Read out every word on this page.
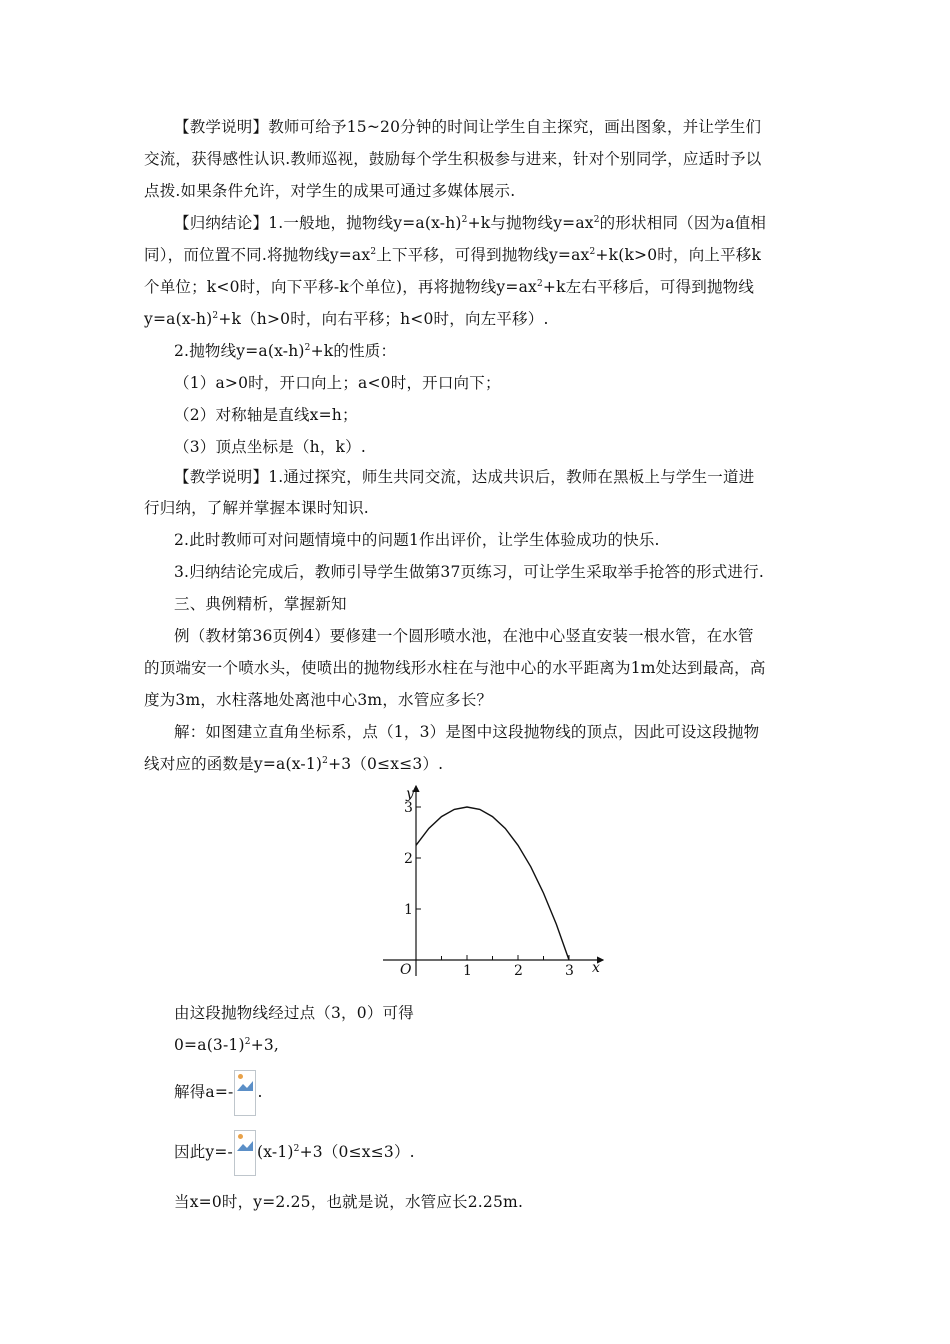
【教学说明】教师可给予15~20分钟的时间让学生自主探究，画出图象，并让学生们
交流，获得感性认识.教师巡视，鼓励每个学生积极参与进来，针对个别同学，应适时予以
点拨.如果条件允许，对学生的成果可通过多媒体展示.
【归纳结论】1.一般地，抛物线$y=a(x-h)^2+k$与抛物线$y=ax^2$的形状相同（因为a值相
同），而位置不同.将抛物线$y=ax^2$上下平移，可得到抛物线$y=ax^2+k(k>0$时，向上平移k
个单位；k<0时，向下平移-k个单位)，再将抛物线$y=ax^2+k$左右平移后，可得到抛物线
$y=a(x-h)^2+k(h>0$时，向右平移；h<0时，向左平移）.
2.抛物线$y=a(x-h)^2+k$的性质：
（1）a>0时，开口向上；a<0时，开口向下；
（2）对称轴是直线x=h；
（3）顶点坐标是（h，k）.
【教学说明】1.通过探究，师生共同交流，达成共识后，教师在黑板上与学生一道进
行归纳，了解并掌握本课时知识.
2.此时教师可对问题情境中的问题1作出评价，让学生体验成功的快乐.
3.归纳结论完成后，教师引导学生做第37页练习，可让学生采取举手抢答的形式进行.
三、典例精析，掌握新知
例（教材第36页例4）要修建一个圆形喷水池，在池中心竖直安装一根水管，在水管
的顶端安一个喷水头，使喷出的抛物线形水柱在与池中心的水平距离为1m处达到最高，高
度为3m，水柱落地处离池中心3m，水管应多长？
解：如图建立直角坐标系，点（1，3）是图中这段抛物线的顶点，因此可设这段抛物
线对应的函数是$y=a(x-1)^2+3(0\le x\le 3)$.
1	2	3
1
2
3
x
y
O
由这段抛物线经过点（3，0）可得
$0=a(3-1)^2+3$,
解得a=- .
因此y=- $(x-1)^2+3(0\le x\le 3)$.
当x=0时，y=2.25，也就是说，水管应长2.25m.
